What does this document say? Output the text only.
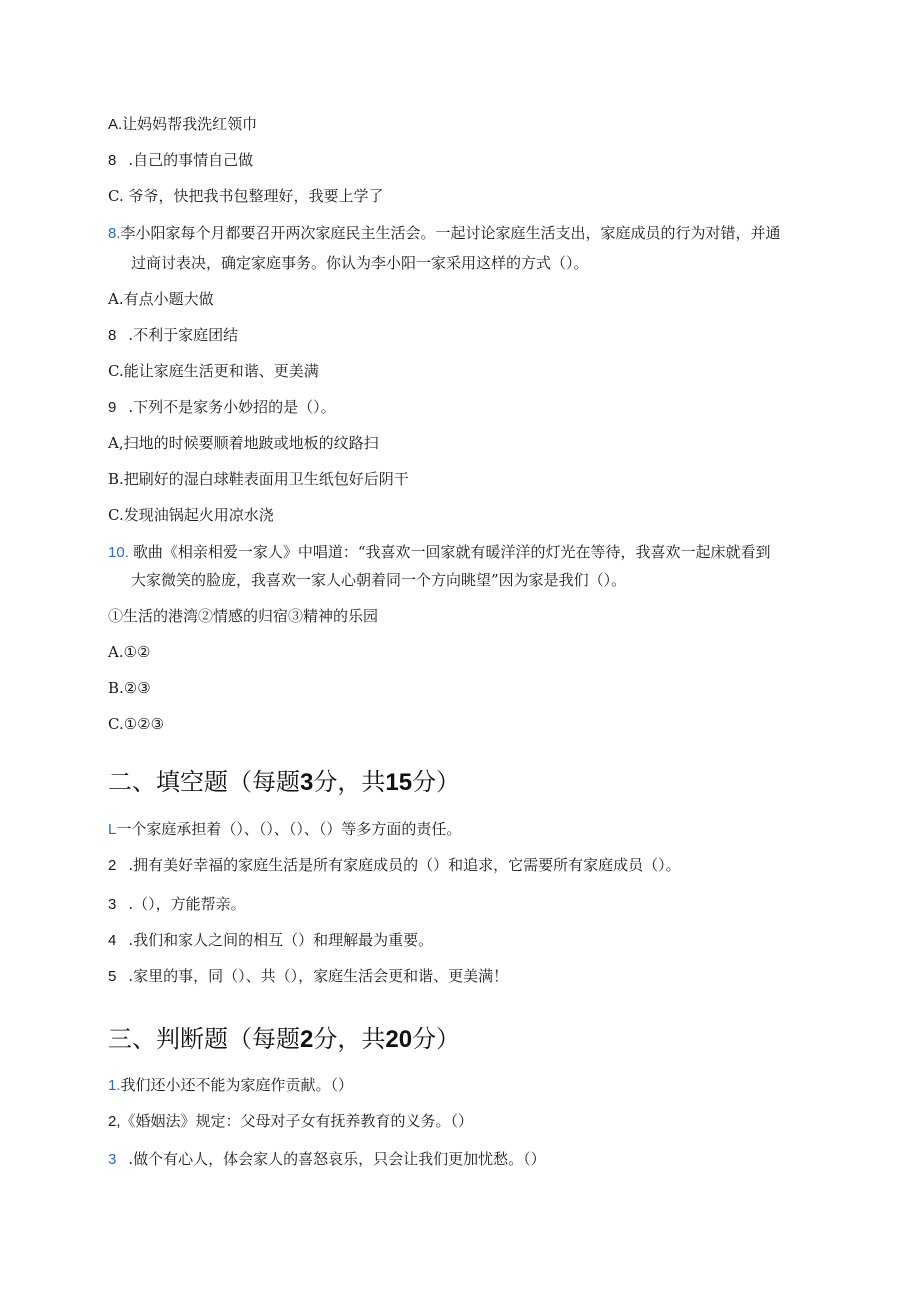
A.让妈妈帮我洗红领巾
8 .自己的事情自己做
C. 爷爷，快把我书包整理好，我要上学了
8.李小阳家每个月都要召开两次家庭民主生活会。一起讨论家庭生活支出，家庭成员的行为对错，并通
过商讨表决，确定家庭事务。你认为李小阳一家采用这样的方式（）。
A.有点小题大做
8 .不利于家庭团结
C.能让家庭生活更和谐、更美满
9 .下列不是家务小妙招的是（）。
A,扫地的时候要顺着地跛或地板的纹路扫
B.把刷好的湿白球鞋表面用卫生纸包好后阴干
C.发现油锅起火用凉水浇
10. 歌曲《相亲相爱一家人》中唱道：“我喜欢一回家就有暖洋洋的灯光在等待，我喜欢一起床就看到
大家微笑的脸庞，我喜欢一家人心朝着同一个方向眺望”因为家是我们（）。
①生活的港湾②情感的归宿③精神的乐园
A.①②
B.②③
C.①②③
二、填空题（每题3分，共15分）
L一个家庭承担着（）、（）、（）、（）等多方面的责任。
2 .拥有美好幸福的家庭生活是所有家庭成员的（）和追求，它需要所有家庭成员（）。
3 .（），方能帮亲。
4 .我们和家人之间的相互（）和理解最为重要。
5 .家里的事，同（）、共（），家庭生活会更和谐、更美满！
三、判断题（每题2分，共20分）
1.我们还小还不能为家庭作贡献。（）
2,《婚姻法》规定：父母对子女有抚养教育的义务。（）
3 .做个有心人，体会家人的喜怒哀乐，只会让我们更加忧愁。（）
